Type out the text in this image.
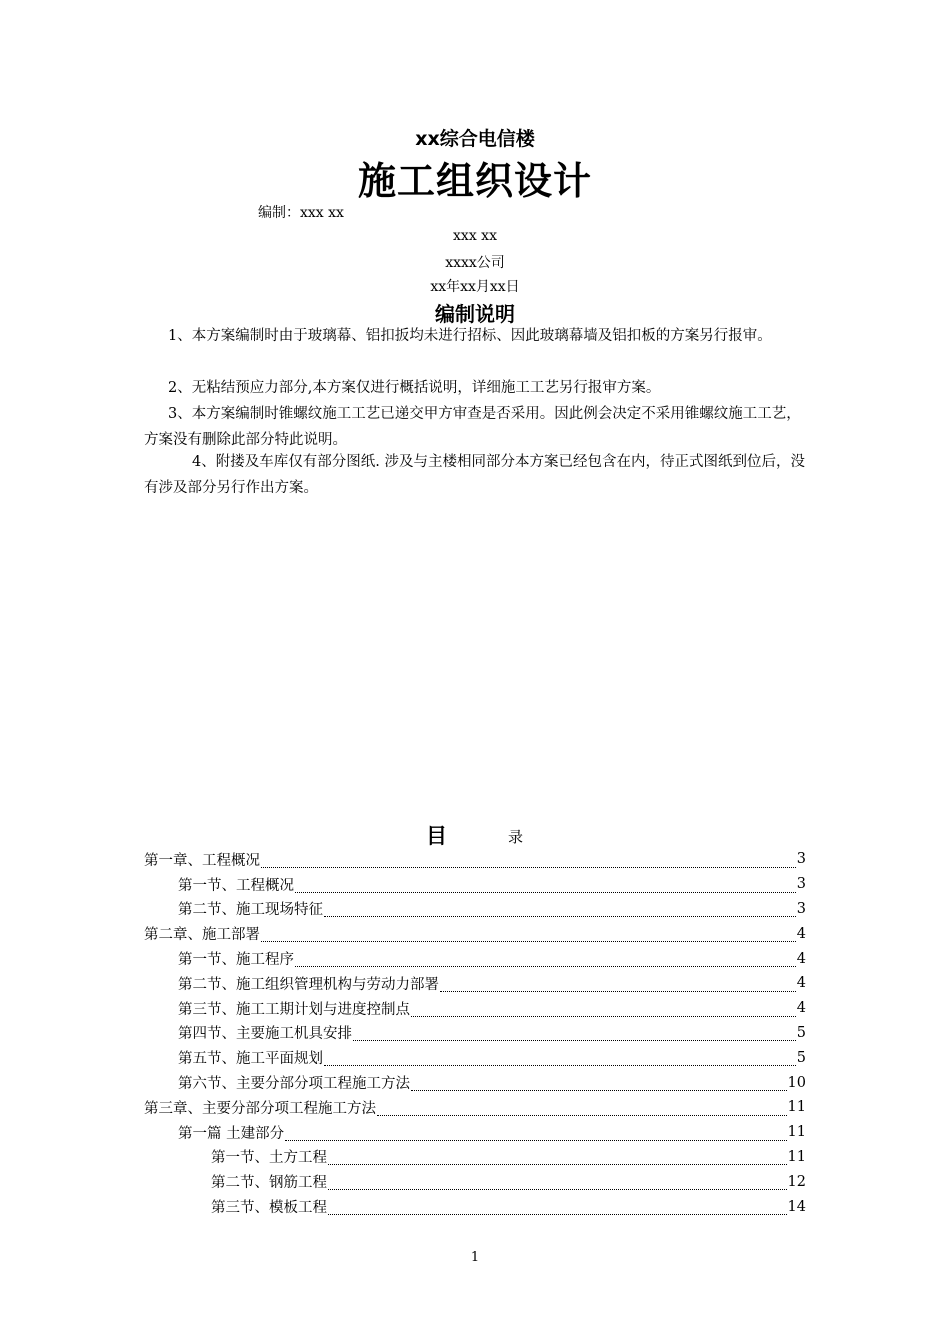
xx综合电信楼
施工组织设计
编制：xxx xx
xxx xx
xxxx公司
xx年xx月xx日
编制说明
1、本方案编制时由于玻璃幕、铝扣扳均未进行招标、因此玻璃幕墙及铝扣板的方案另行报审。
2、无粘结预应力部分,本方案仅进行概括说明，详细施工工艺另行报审方案。
3、本方案编制时锥螺纹施工工艺已递交甲方审查是否采用。因此例会决定不采用锥螺纹施工工艺，方案没有删除此部分特此说明。
4、附搂及车库仅有部分图纸. 涉及与主楼相同部分本方案已经包含在内，待正式图纸到位后，没有涉及部分另行作出方案。
目	录
第一章、工程概况	3
第一节、工程概况	3
第二节、施工现场特征	3
第二章、施工部署	4
第一节、施工程序	4
第二节、施工组织管理机构与劳动力部署	4
第三节、施工工期计划与进度控制点	4
第四节、主要施工机具安排	5
第五节、施工平面规划	5
第六节、主要分部分项工程施工方法	10
第三章、主要分部分项工程施工方法	11
第一篇 土建部分	11
第一节、土方工程	11
第二节、钢筋工程	12
第三节、模板工程	14
1
